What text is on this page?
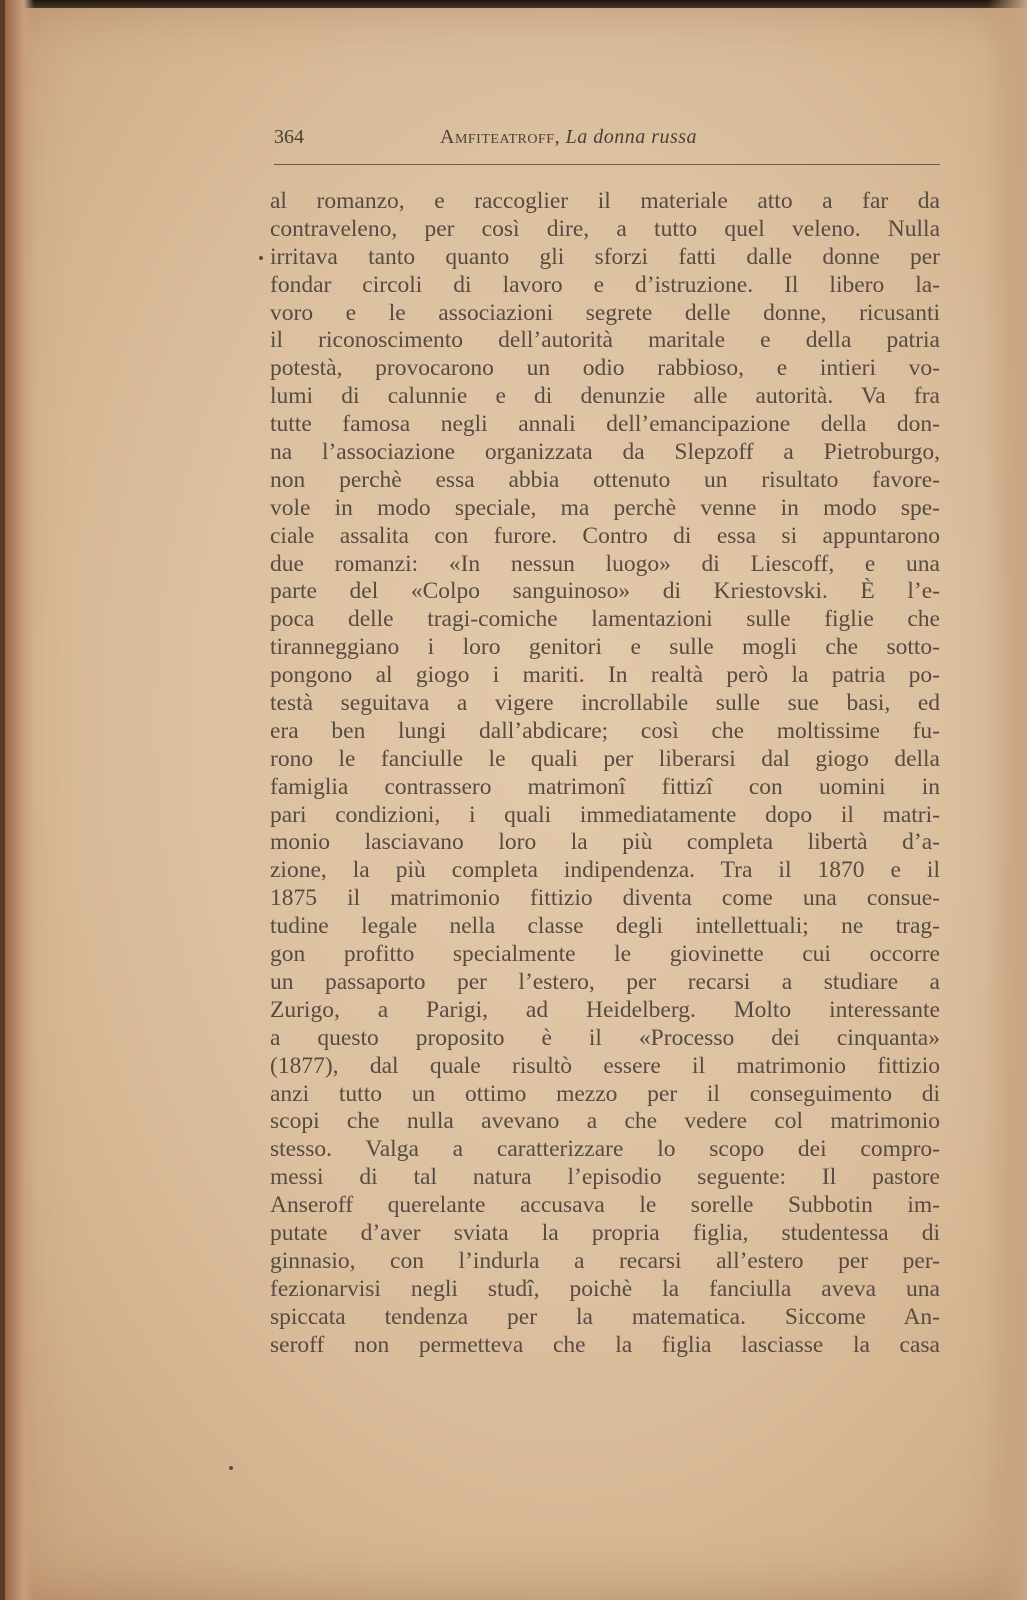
364	Amfiteatroff, La donna russa
al romanzo, e raccoglier il materiale atto a far da
contraveleno, per così dire, a tutto quel veleno. Nulla
irritava tanto quanto gli sforzi fatti dalle donne per
fondar circoli di lavoro e d’istruzione. Il libero la-
voro e le associazioni segrete delle donne, ricusanti
il riconoscimento dell’autorità maritale e della patria
potestà, provocarono un odio rabbioso, e intieri vo-
lumi di calunnie e di denunzie alle autorità. Va fra
tutte famosa negli annali dell’emancipazione della don-
na l’associazione organizzata da Slepzoff a Pietroburgo,
non perchè essa abbia ottenuto un risultato favore-
vole in modo speciale, ma perchè venne in modo spe-
ciale assalita con furore. Contro di essa si appuntarono
due romanzi: «In nessun luogo» di Liescoff, e una
parte del «Colpo sanguinoso» di Kriestovski. È l’e-
poca delle tragi-comiche lamentazioni sulle figlie che
tiranneggiano i loro genitori e sulle mogli che sotto-
pongono al giogo i mariti. In realtà però la patria po-
testà seguitava a vigere incrollabile sulle sue basi, ed
era ben lungi dall’abdicare; così che moltissime fu-
rono le fanciulle le quali per liberarsi dal giogo della
famiglia contrassero matrimonî fittizî con uomini in
pari condizioni, i quali immediatamente dopo il matri-
monio lasciavano loro la più completa libertà d’a-
zione, la più completa indipendenza. Tra il 1870 e il
1875 il matrimonio fittizio diventa come una consue-
tudine legale nella classe degli intellettuali; ne trag-
gon profitto specialmente le giovinette cui occorre
un passaporto per l’estero, per recarsi a studiare a
Zurigo, a Parigi, ad Heidelberg. Molto interessante
a questo proposito è il «Processo dei cinquanta»
(1877), dal quale risultò essere il matrimonio fittizio
anzi tutto un ottimo mezzo per il conseguimento di
scopi che nulla avevano a che vedere col matrimonio
stesso. Valga a caratterizzare lo scopo dei compro-
messi di tal natura l’episodio seguente: Il pastore
Anseroff querelante accusava le sorelle Subbotin im-
putate d’aver sviata la propria figlia, studentessa di
ginnasio, con l’indurla a recarsi all’estero per per-
fezionarvisi negli studî, poichè la fanciulla aveva una
spiccata tendenza per la matematica. Siccome An-
seroff non permetteva che la figlia lasciasse la casa
